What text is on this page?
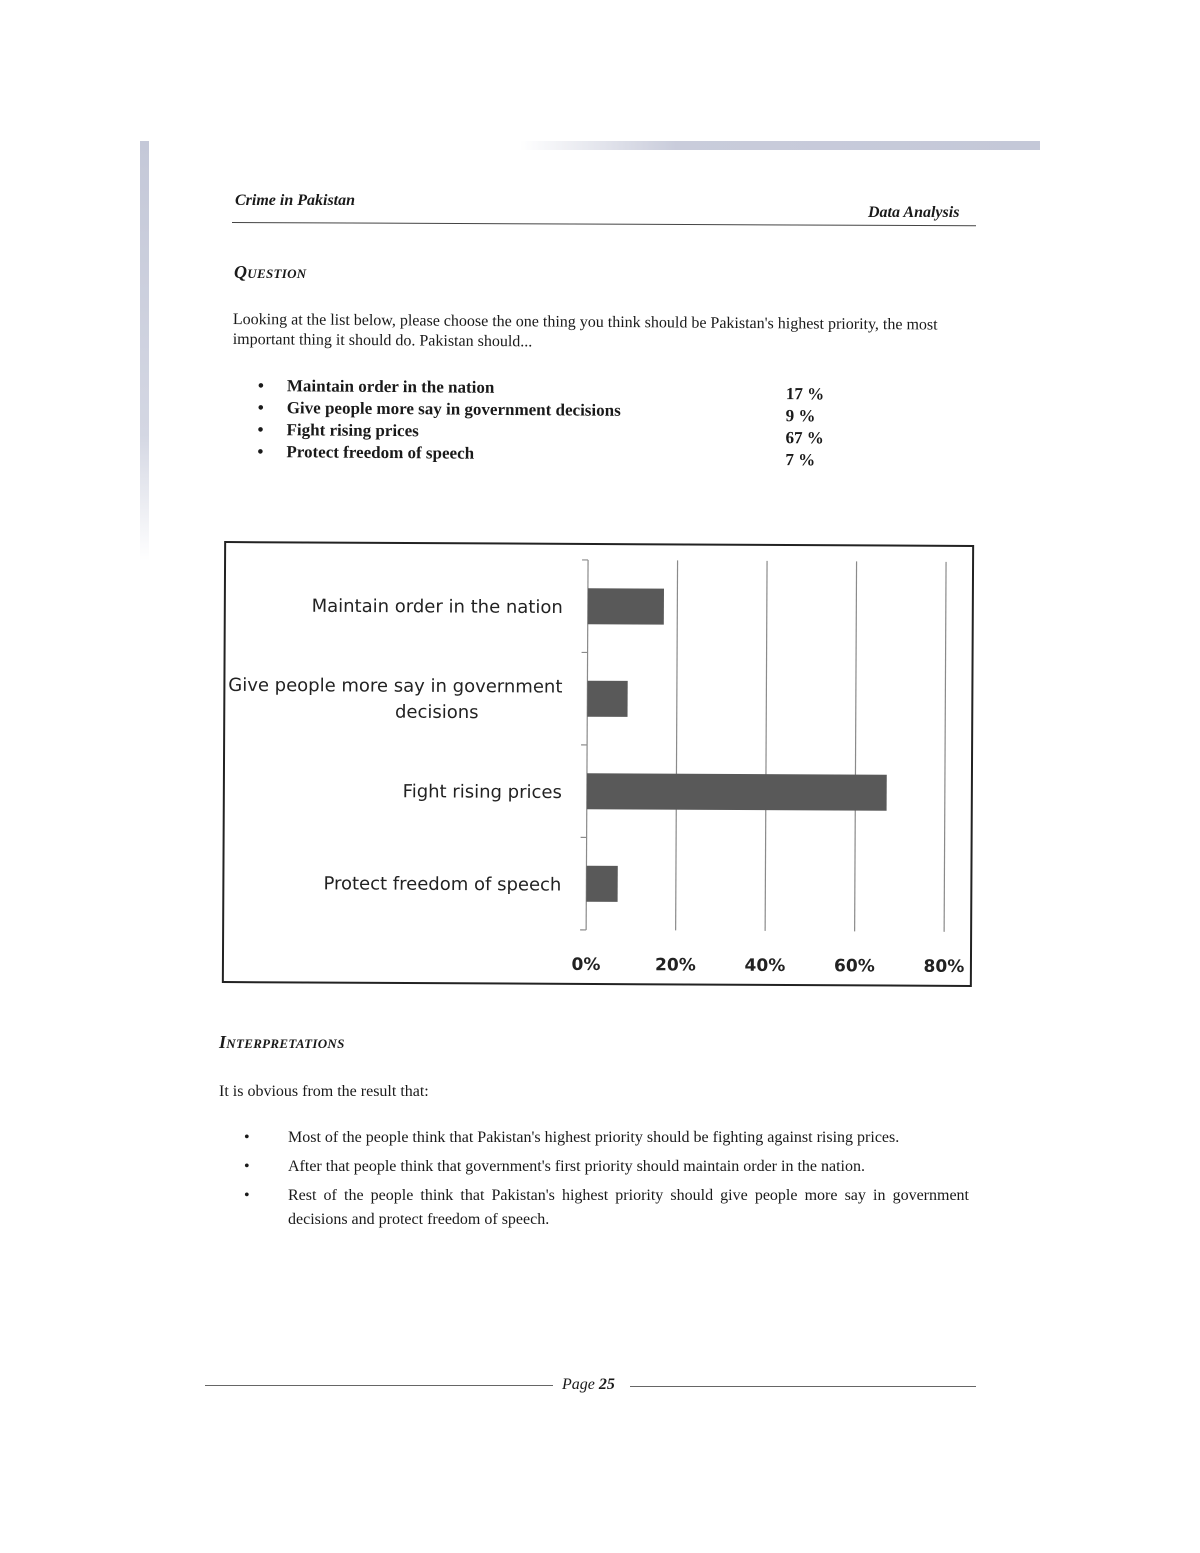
Crime in Pakistan
Data Analysis
Question
Looking at the list below, please choose the one thing you think should be Pakistan's highest priority, the most important thing it should do. Pakistan should...
•	Maintain order in the nation	17 %
•	Give people more say in government decisions	9 %
•	Fight rising prices	67 %
•	Protect freedom of speech	7 %
Maintain order in the nation
Give people more say in government decisions
Fight rising prices
Protect freedom of speech
0%	20%	40%	60%	80%
Interpretations
It is obvious from the result that:
• Most of the people think that Pakistan's highest priority should be fighting against rising prices.
• After that people think that government's first priority should maintain order in the nation.
• Rest of the people think that Pakistan's highest priority should give people more say in government decisions and protect freedom of speech.
Page 25
